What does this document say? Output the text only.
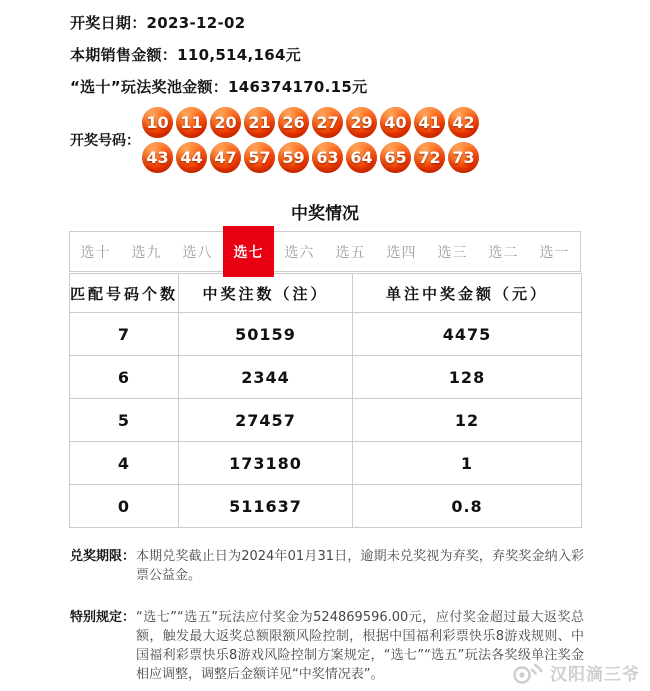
开奖日期：2023-12-02
本期销售金额：110,514,164元
“选十”玩法奖池金额：146374170.15元
开奖号码：
10 11 20 21 26 27 29 40 41 42
43 44 47 57 59 63 64 65 72 73
中奖情况
选十	选九	选八	选七	选六	选五	选四	选三	选二	选一
匹配号码个数	中奖注数（注）	单注中奖金额（元）
7	50159	4475
6	2344	128
5	27457	12
4	173180	1
0	511637	0.8
兑奖期限： 本期兑奖截止日为2024年01月31日，逾期未兑奖视为弃奖，弃奖奖金纳入彩票公益金。
特别规定： “选七”“选五”玩法应付奖金为524869596.00元，应付奖金超过最大返奖总额，触发最大返奖总额限额风险控制，根据中国福利彩票快乐8游戏规则、中国福利彩票快乐8游戏风险控制方案规定，“选七”“选五”玩法各奖级单注奖金相应调整，调整后金额详见“中奖情况表”。	汉阳滴三爷
